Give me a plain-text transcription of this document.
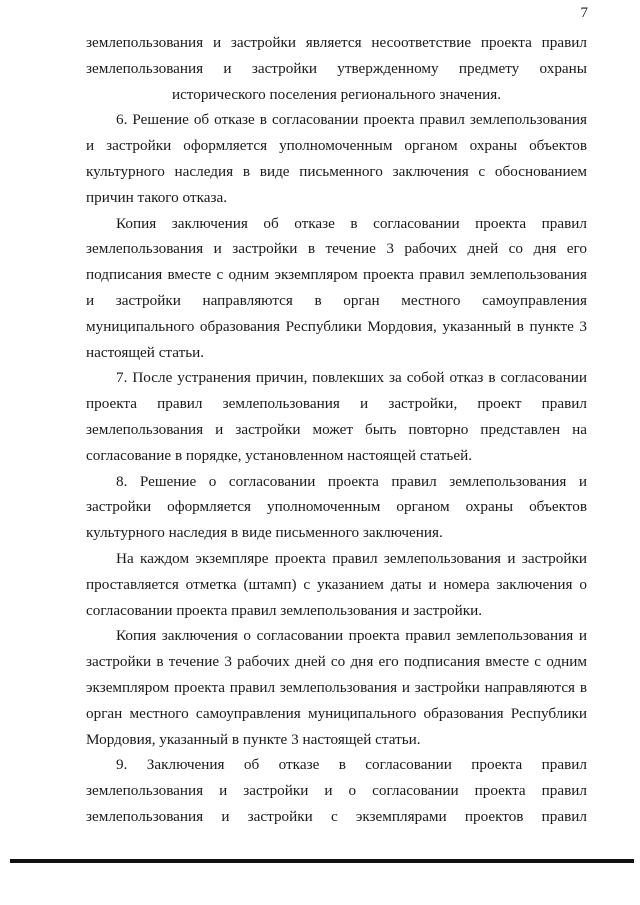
7

землепользования и застройки является несоответствие проекта правил землепользования и застройки утвержденному предмету охраны исторического поселения регионального значения.

6. Решение об отказе в согласовании проекта правил землепользования и застройки оформляется уполномоченным органом охраны объектов культурного наследия в виде письменного заключения с обоснованием причин такого отказа.

Копия заключения об отказе в согласовании проекта правил землепользования и застройки в течение 3 рабочих дней со дня его подписания вместе с одним экземпляром проекта правил землепользования и застройки направляются в орган местного самоуправления муниципального образования Республики Мордовия, указанный в пункте 3 настоящей статьи.

7. После устранения причин, повлекших за собой отказ в согласовании проекта правил землепользования и застройки, проект правил землепользования и застройки может быть повторно представлен на согласование в порядке, установленном настоящей статьей.

8. Решение о согласовании проекта правил землепользования и застройки оформляется уполномоченным органом охраны объектов культурного наследия в виде письменного заключения.

На каждом экземпляре проекта правил землепользования и застройки проставляется отметка (штамп) с указанием даты и номера заключения о согласовании проекта правил землепользования и застройки.

Копия заключения о согласовании проекта правил землепользования и застройки в течение 3 рабочих дней со дня его подписания вместе с одним экземпляром проекта правил землепользования и застройки направляются в орган местного самоуправления муниципального образования Республики Мордовия, указанный в пункте 3 настоящей статьи.

9. Заключения об отказе в согласовании проекта правил землепользования и застройки и о согласовании проекта правил землепользования и застройки с экземплярами проектов правил
